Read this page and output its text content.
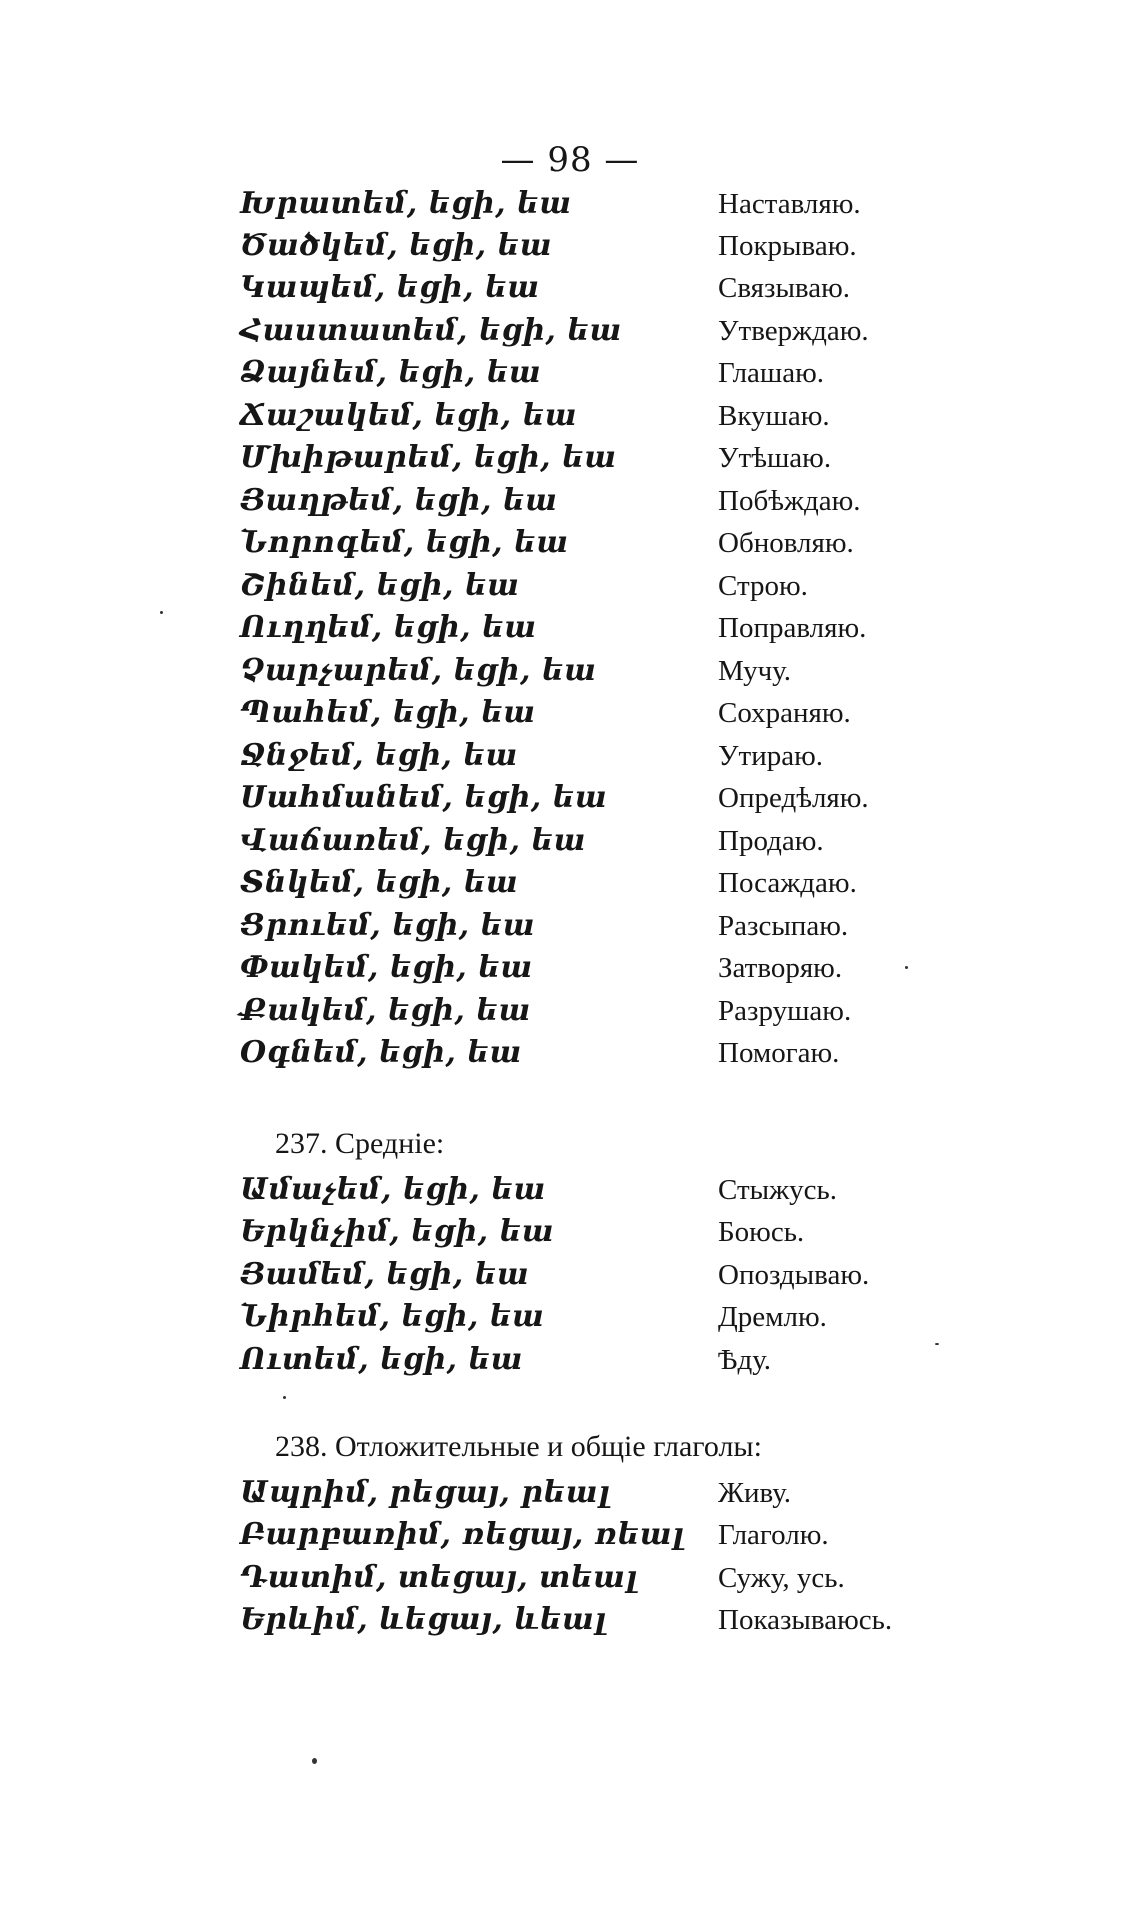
— 98 —
Խրատեմ, եցի, եա	Наставляю.
Ծածկեմ, եցի, եա	Покрываю.
Կապեմ, եցի, եա	Связываю.
Հաստատեմ, եցի, եա	Утверждаю.
Ձայնեմ, եցի, եա	Глашаю.
Ճաշակեմ, եցի, եա	Вкушаю.
Մխիթարեմ, եցի, եա	Утѣшаю.
Յաղթեմ, եցի, եա	Побѣждаю.
Նորոգեմ, եցի, եա	Обновляю.
Շինեմ, եցի, եա	Строю.
Ուղղեմ, եցի, եա	Поправляю.
Չարչարեմ, եցի, եա	Мучу.
Պահեմ, եցի, եա	Сохраняю.
Ջնջեմ, եցի, եա	Утираю.
Սահմանեմ, եցի, եա	Опредѣляю.
Վաճառեմ, եցի, եա	Продаю.
Տնկեմ, եցի, եա	Посаждаю.
Ցրուեմ, եցի, եա	Разсыпаю.
Փակեմ, եցի, եա	Затворяю.
Քակեմ, եցի, եա	Разрушаю.
Օգնեմ, եցի, եա	Помогаю.
237. Средніе:
Ամաչեմ, եցի, եա	Стыжусь.
Երկնչիմ, եցի, եա	Боюсь.
Յամեմ, եցի, եա	Опоздываю.
Նիրհեմ, եցի, եա	Дремлю.
Ուտեմ, եցի, եա	Ѣду.
238. Отложительные и общіе глаголы:
Ապրիմ, րեցայ, րեալ	Живу.
Բարբառիմ, ռեցայ, ռեալ Глаголю.
Դատիմ, տեցայ, տեալ	Сужу, усь.
Երևիմ, ևեցայ, ևեալ	Показываюсь.
